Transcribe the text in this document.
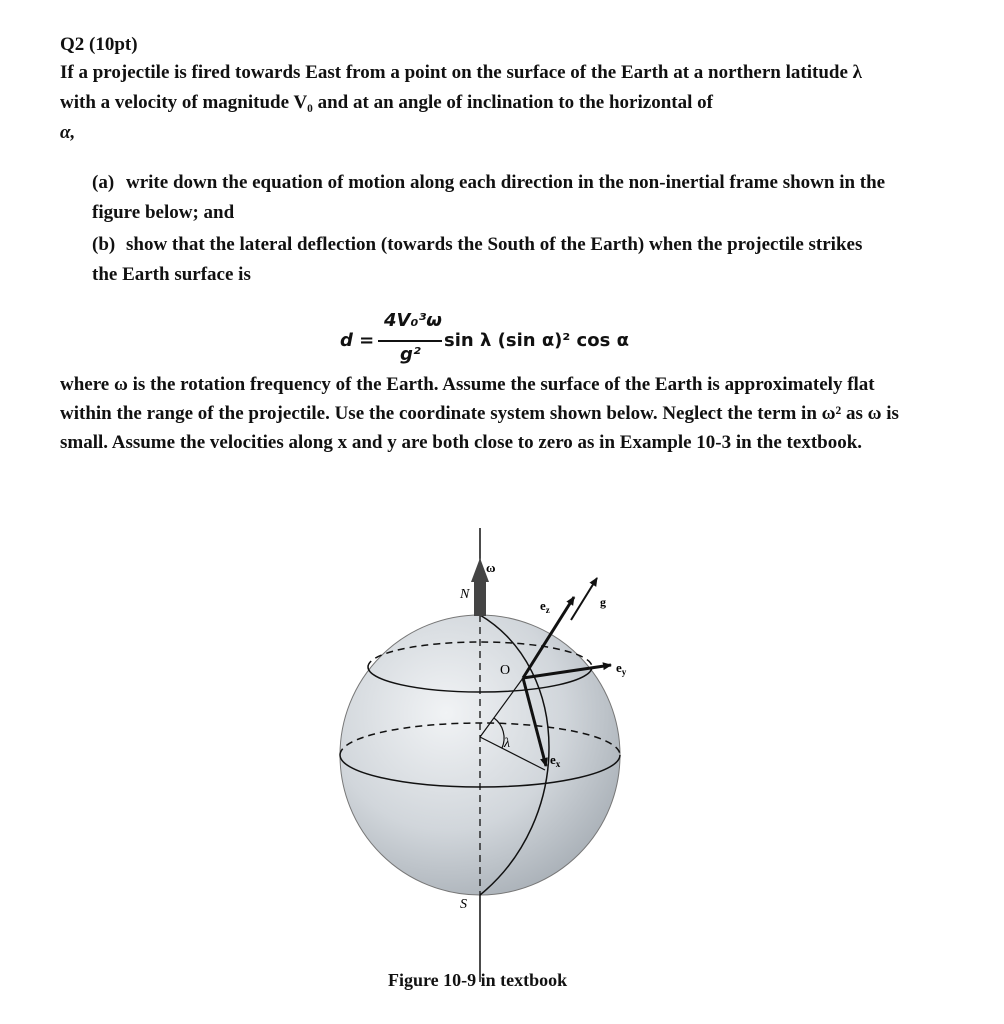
Q2 (10pt)
If a projectile is fired towards East from a point on the surface of the Earth at a northern latitude λ with a velocity of magnitude V₀ and at an angle of inclination to the horizontal of
α,
(a) write down the equation of motion along each direction in the non-inertial frame shown in the figure below; and
(b) show that the lateral deflection (towards the South of the Earth) when the projectile strikes the Earth surface is
d =
4V₀³ω
g²
sin λ (sin α)² cos α
where ω is the rotation frequency of the Earth. Assume the surface of the Earth is approximately flat within the range of the projectile. Use the coordinate system shown below. Neglect the term in ω² as ω is small. Assume the velocities along x and y are both close to zero as in Example 10-3 in the textbook.
ω
N
S
O
λ
$e_z$
$e_y$
$e_x$
g
Figure 10-9 in textbook
